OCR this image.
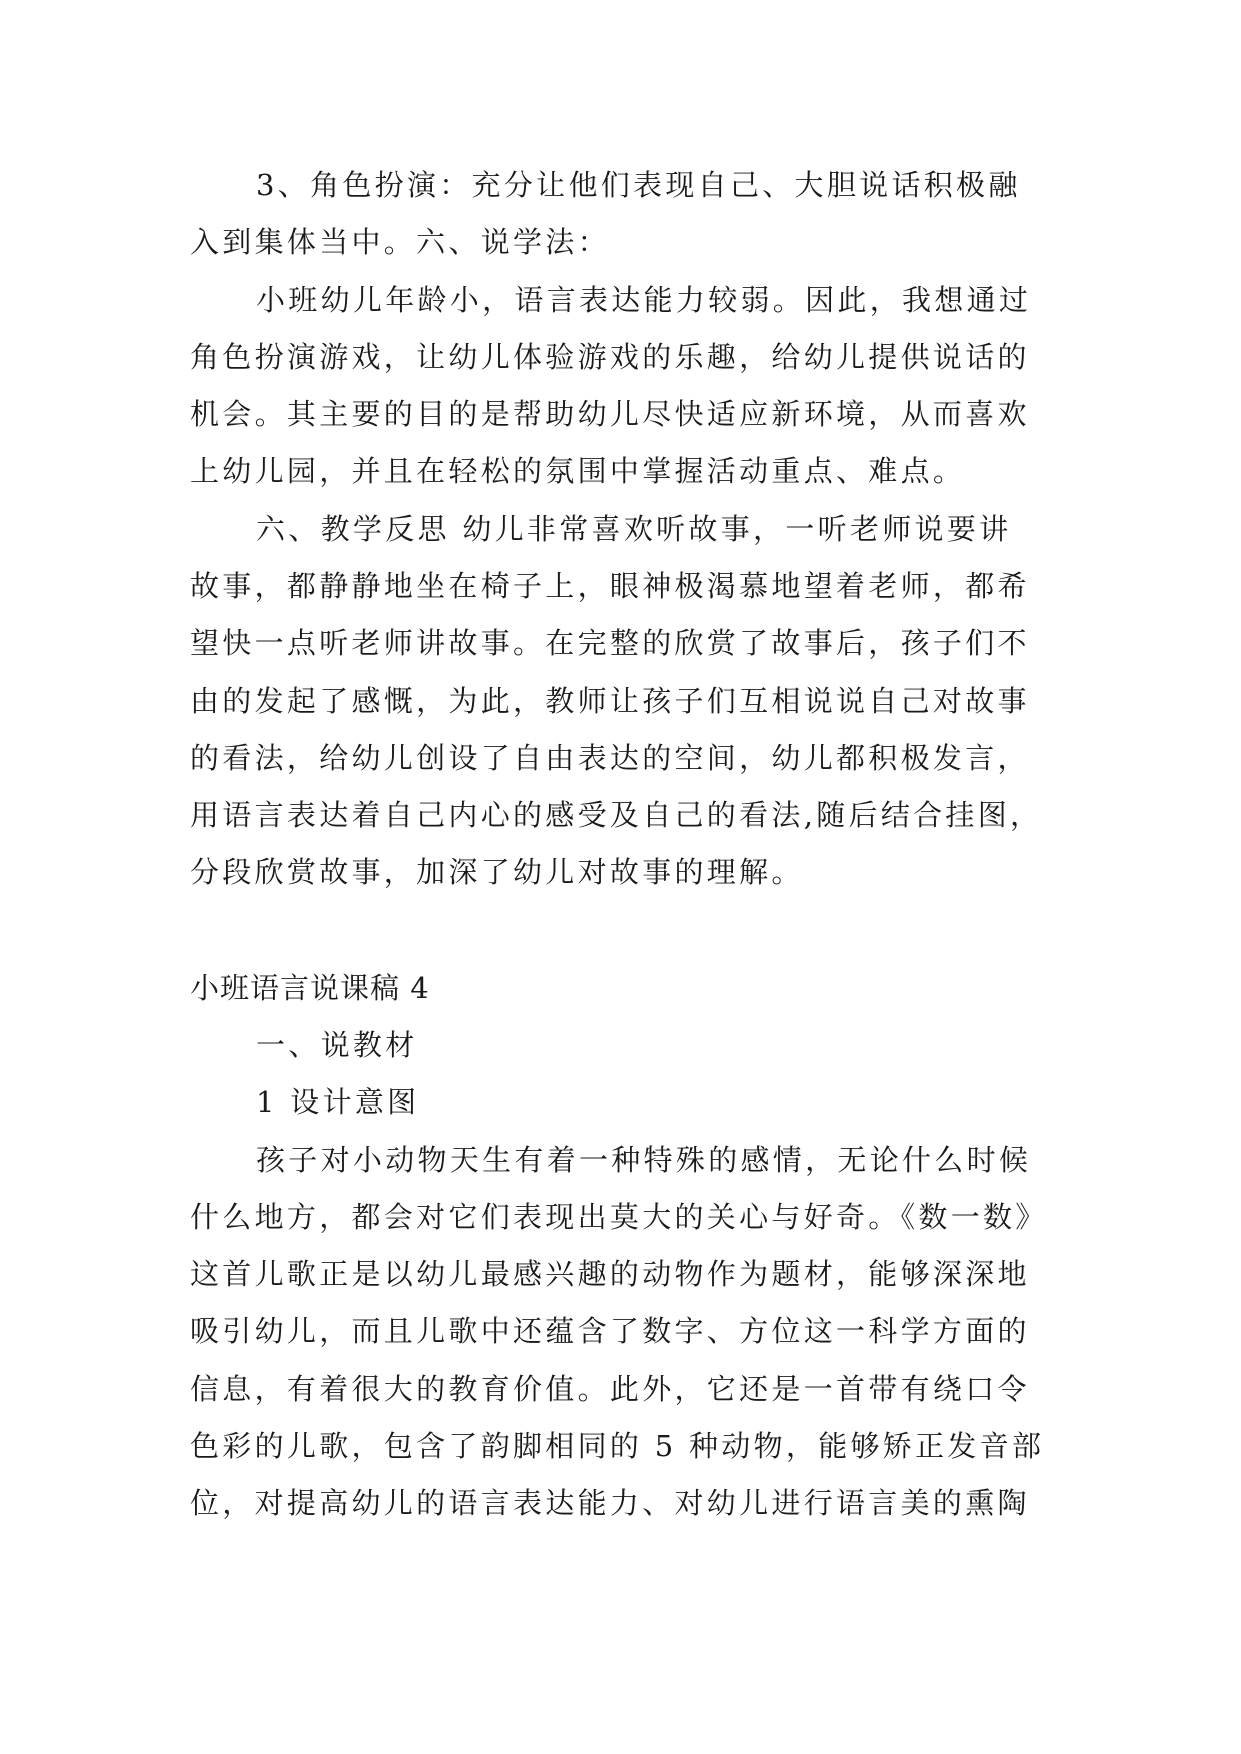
3、角色扮演：充分让他们表现自己、大胆说话积极融
入到集体当中。六、说学法：
小班幼儿年龄小，语言表达能力较弱。因此，我想通过
角色扮演游戏，让幼儿体验游戏的乐趣，给幼儿提供说话的
机会。其主要的目的是帮助幼儿尽快适应新环境，从而喜欢
上幼儿园，并且在轻松的氛围中掌握活动重点、难点。
六、教学反思 幼儿非常喜欢听故事，一听老师说要讲
故事，都静静地坐在椅子上，眼神极渴慕地望着老师，都希
望快一点听老师讲故事。在完整的欣赏了故事后，孩子们不
由的发起了感慨，为此，教师让孩子们互相说说自己对故事
的看法，给幼儿创设了自由表达的空间，幼儿都积极发言，
用语言表达着自己内心的感受及自己的看法,随后结合挂图，
分段欣赏故事，加深了幼儿对故事的理解。
小班语言说课稿 4
一、说教材
1 设计意图
孩子对小动物天生有着一种特殊的感情，无论什么时候
什么地方，都会对它们表现出莫大的关心与好奇。《数一数》
这首儿歌正是以幼儿最感兴趣的动物作为题材，能够深深地
吸引幼儿，而且儿歌中还蕴含了数字、方位这一科学方面的
信息，有着很大的教育价值。此外，它还是一首带有绕口令
色彩的儿歌，包含了韵脚相同的 5 种动物，能够矫正发音部
位，对提高幼儿的语言表达能力、对幼儿进行语言美的熏陶
